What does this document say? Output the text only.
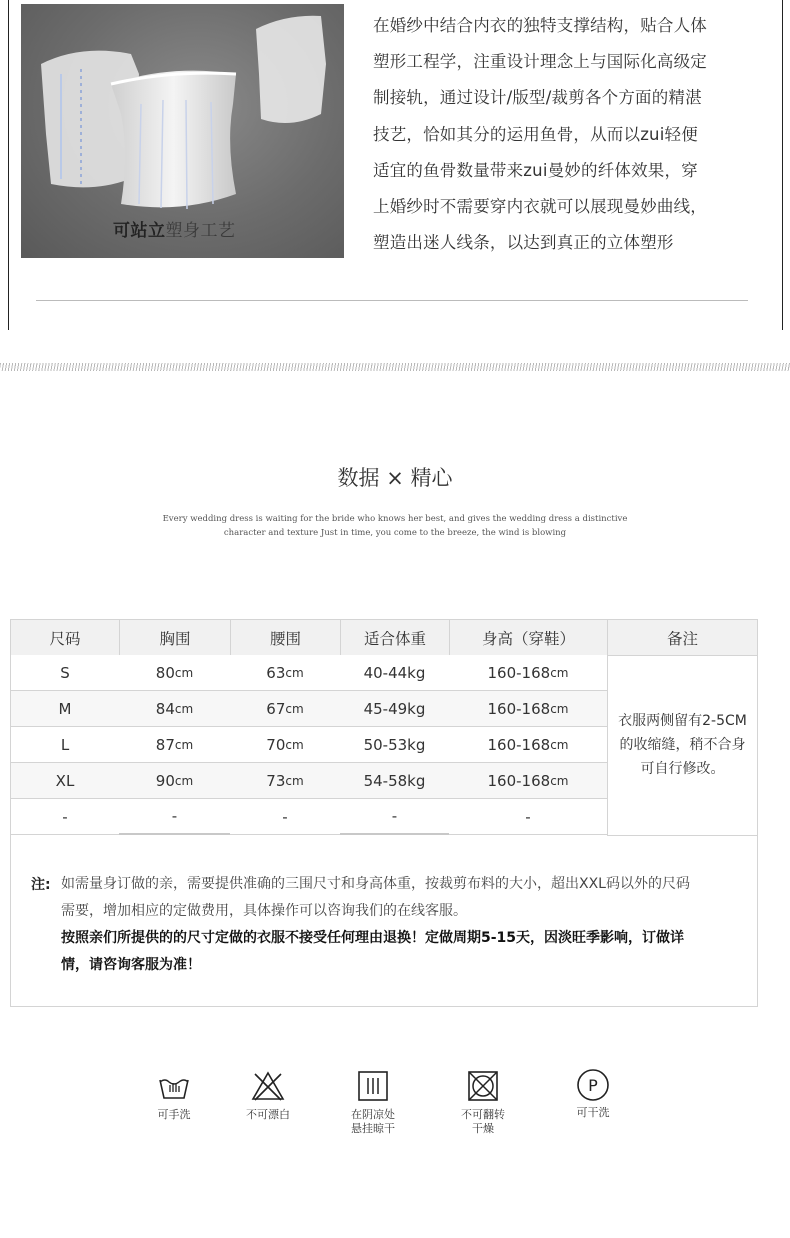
可站立塑身工艺
在婚纱中结合内衣的独特支撑结构，贴合人体
塑形工程学，注重设计理念上与国际化高级定
制接轨，通过设计/版型/裁剪各个方面的精湛
技艺，恰如其分的运用鱼骨，从而以zui轻便
适宜的鱼骨数量带来zui曼妙的纤体效果，穿
上婚纱时不需要穿内衣就可以展现曼妙曲线，
塑造出迷人线条，以达到真正的立体塑形
数据 × 精心
Every wedding dress is waiting for the bride who knows her best, and gives the wedding dress a distinctive
character and texture Just in time, you come to the breeze, the wind is blowing
尺码	胸围	腰围	适合体重	身高（穿鞋）	备注
S	80 cm	63 cm	40-44kg	160-168 cm
M	84 cm	67 cm	45-49kg	160-168 cm
L	87 cm	70 cm	50-53kg	160-168 cm
XL	90 cm	73 cm	54-58kg	160-168 cm
-	-	-	-	-
衣服两侧留有2-5CM
的收缩缝，稍不合身
可自行修改。
注: 如需量身订做的亲，需要提供准确的三围尺寸和身高体重，按裁剪布料的大小，超出XXL码以外的尺码
需要，增加相应的定做费用，具体操作可以咨询我们的在线客服。
按照亲们所提供的的尺寸定做的衣服不接受任何理由退换！定做周期5-15天，因淡旺季影响，订做详
情，请咨询客服为准！
可手洗	不可漂白	在阴凉处
悬挂晾干
不可翻转
干燥
P
可干洗
